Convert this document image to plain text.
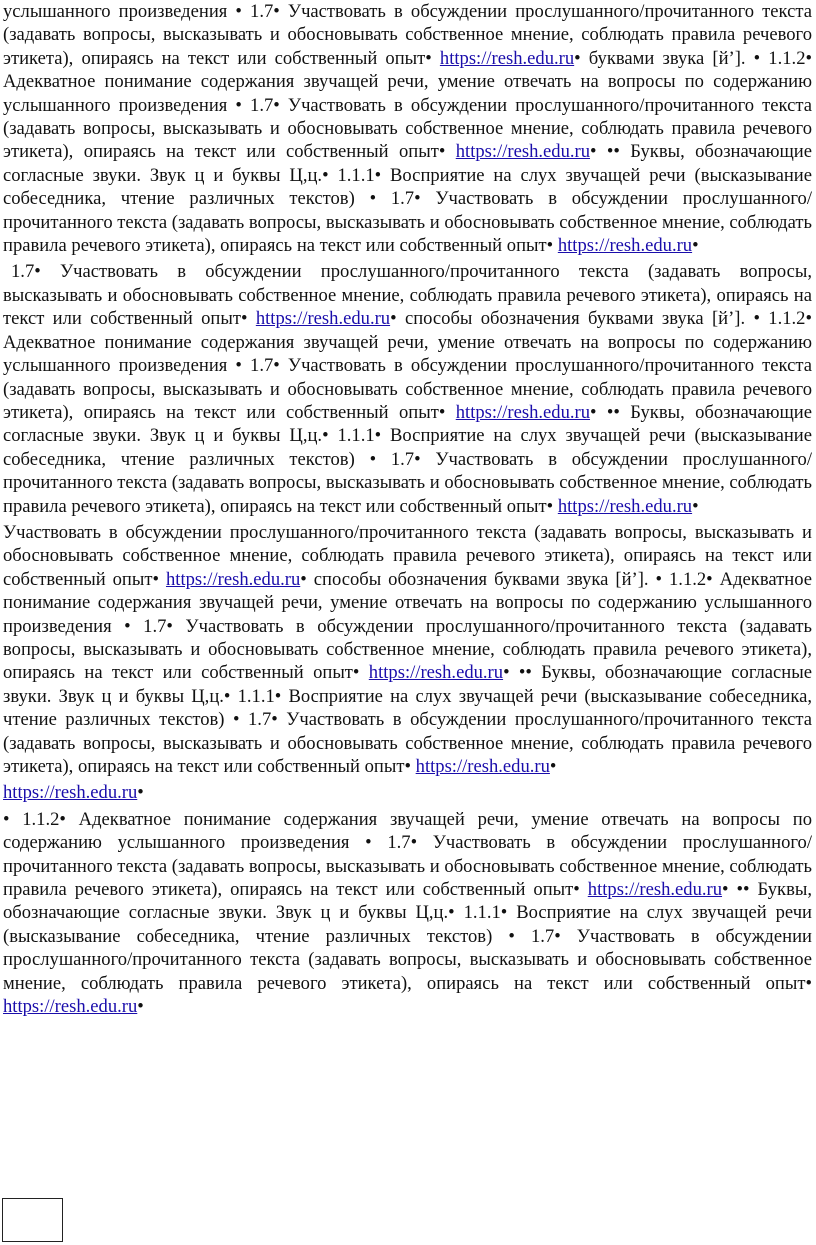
услышанного произведения • 1.7• Участвовать в обсуждении прослушанного/прочитанного текста (задавать вопросы, высказывать и обосновывать собственное мнение, соблюдать правила речевого этикета), опираясь на текст или собственный опыт• https://resh.edu.ru• буквами звука [й’]. • 1.1.2• Адекватное понимание содержания звучащей речи, умение отвечать на вопросы по содержанию услышанного произведения • 1.7• Участвовать в обсуждении прослушанного/прочитанного текста (задавать вопросы, высказывать и обосновывать собственное мнение, соблюдать правила речевого этикета), опираясь на текст или собственный опыт• https://resh.edu.ru• •• Буквы, обозначающие согласные звуки. Звук ц и буквы Ц,ц.• 1.1.1• Восприятие на слух звучащей речи (высказывание собеседника, чтение различных текстов) • 1.7• Участвовать в обсуждении прослушанного/прочитанного текста (задавать вопросы, высказывать и обосновывать собственное мнение, соблюдать правила речевого этикета), опираясь на текст или собственный опыт• https://resh.edu.ru•

1.7• Участвовать в обсуждении прослушанного/прочитанного текста (задавать вопросы, высказывать и обосновывать собственное мнение, соблюдать правила речевого этикета), опираясь на текст или собственный опыт• https://resh.edu.ru• способы обозначения буквами звука [й’]. • 1.1.2• Адекватное понимание содержания звучащей речи, умение отвечать на вопросы по содержанию услышанного произведения • 1.7• Участвовать в обсуждении прослушанного/прочитанного текста (задавать вопросы, высказывать и обосновывать собственное мнение, соблюдать правила речевого этикета), опираясь на текст или собственный опыт• https://resh.edu.ru• •• Буквы, обозначающие согласные звуки. Звук ц и буквы Ц,ц.• 1.1.1• Восприятие на слух звучащей речи (высказывание собеседника, чтение различных текстов) • 1.7• Участвовать в обсуждении прослушанного/прочитанного текста (задавать вопросы, высказывать и обосновывать собственное мнение, соблюдать правила речевого этикета), опираясь на текст или собственный опыт• https://resh.edu.ru•

Участвовать в обсуждении прослушанного/прочитанного текста (задавать вопросы, высказывать и обосновывать собственное мнение, соблюдать правила речевого этикета), опираясь на текст или собственный опыт• https://resh.edu.ru• способы обозначения буквами звука [й’]. • 1.1.2• Адекватное понимание содержания звучащей речи, умение отвечать на вопросы по содержанию услышанного произведения • 1.7• Участвовать в обсуждении прослушанного/прочитанного текста (задавать вопросы, высказывать и обосновывать собственное мнение, соблюдать правила речевого этикета), опираясь на текст или собственный опыт• https://resh.edu.ru• •• Буквы, обозначающие согласные звуки. Звук ц и буквы Ц,ц.• 1.1.1• Восприятие на слух звучащей речи (высказывание собеседника, чтение различных текстов) • 1.7• Участвовать в обсуждении прослушанного/прочитанного текста (задавать вопросы, высказывать и обосновывать собственное мнение, соблюдать правила речевого этикета), опираясь на текст или собственный опыт• https://resh.edu.ru•

https://resh.edu.ru•

• 1.1.2• Адекватное понимание содержания звучащей речи, умение отвечать на вопросы по содержанию услышанного произведения • 1.7• Участвовать в обсуждении прослушанного/прочитанного текста (задавать вопросы, высказывать и обосновывать собственное мнение, соблюдать правила речевого этикета), опираясь на текст или собственный опыт• https://resh.edu.ru• •• Буквы, обозначающие согласные звуки. Звук ц и буквы Ц,ц.• 1.1.1• Восприятие на слух звучащей речи (высказывание собеседника, чтение различных текстов) • 1.7• Участвовать в обсуждении прослушанного/прочитанного текста (задавать вопросы, высказывать и обосновывать собственное мнение, соблюдать правила речевого этикета), опираясь на текст или собственный опыт• https://resh.edu.ru•
